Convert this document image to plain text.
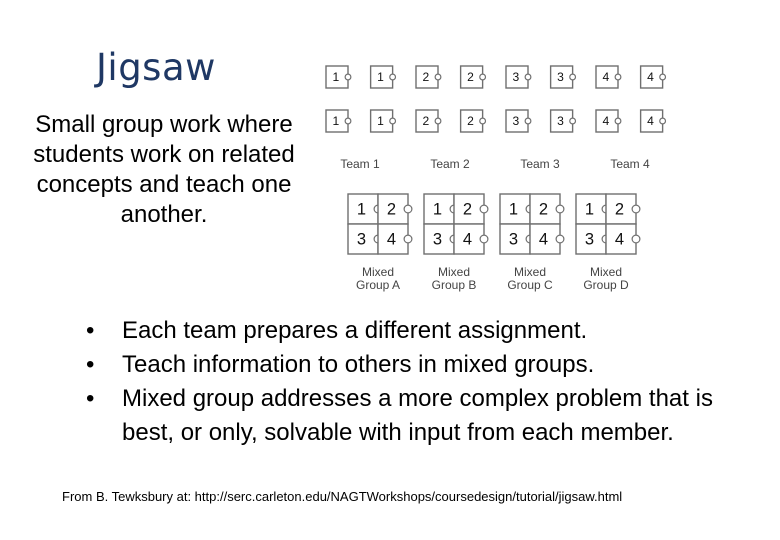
Jigsaw
Small group work where students work on related concepts and teach one another.
1	1
1	1
Team 1
2	2
2	2
Team 2
3	3
3	3
Team 3
4	4
4	4
Team 4
1 2
3 4
Mixed
Group A
1 2
3 4
Mixed
Group B
1 2
3 4
Mixed
Group C
1 2
3 4
Mixed
Group D
• Each team prepares a different assignment.
• Teach information to others in mixed groups.
• Mixed group addresses a more complex problem that is best, or only, solvable with input from each member.
From B. Tewksbury at: http://serc.carleton.edu/NAGTWorkshops/coursedesign/tutorial/jigsaw.html
